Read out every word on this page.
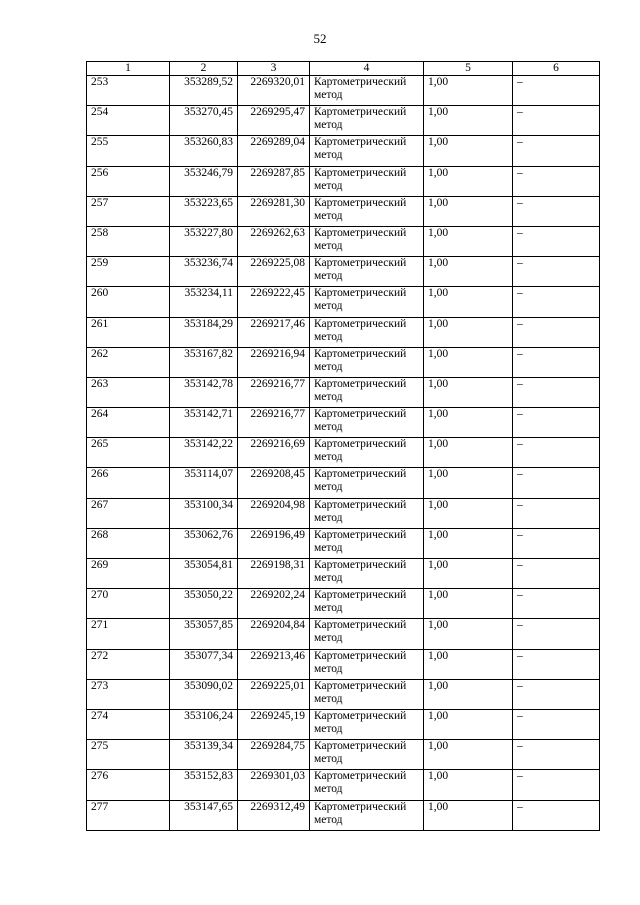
52
1	2	3	4	5	6
253	353289,52	2269320,01	Картометрический метод	1,00	–
254	353270,45	2269295,47	Картометрический метод	1,00	–
255	353260,83	2269289,04	Картометрический метод	1,00	–
256	353246,79	2269287,85	Картометрический метод	1,00	–
257	353223,65	2269281,30	Картометрический метод	1,00	–
258	353227,80	2269262,63	Картометрический метод	1,00	–
259	353236,74	2269225,08	Картометрический метод	1,00	–
260	353234,11	2269222,45	Картометрический метод	1,00	–
261	353184,29	2269217,46	Картометрический метод	1,00	–
262	353167,82	2269216,94	Картометрический метод	1,00	–
263	353142,78	2269216,77	Картометрический метод	1,00	–
264	353142,71	2269216,77	Картометрический метод	1,00	–
265	353142,22	2269216,69	Картометрический метод	1,00	–
266	353114,07	2269208,45	Картометрический метод	1,00	–
267	353100,34	2269204,98	Картометрический метод	1,00	–
268	353062,76	2269196,49	Картометрический метод	1,00	–
269	353054,81	2269198,31	Картометрический метод	1,00	–
270	353050,22	2269202,24	Картометрический метод	1,00	–
271	353057,85	2269204,84	Картометрический метод	1,00	–
272	353077,34	2269213,46	Картометрический метод	1,00	–
273	353090,02	2269225,01	Картометрический метод	1,00	–
274	353106,24	2269245,19	Картометрический метод	1,00	–
275	353139,34	2269284,75	Картометрический метод	1,00	–
276	353152,83	2269301,03	Картометрический метод	1,00	–
277	353147,65	2269312,49	Картометрический метод	1,00	–
